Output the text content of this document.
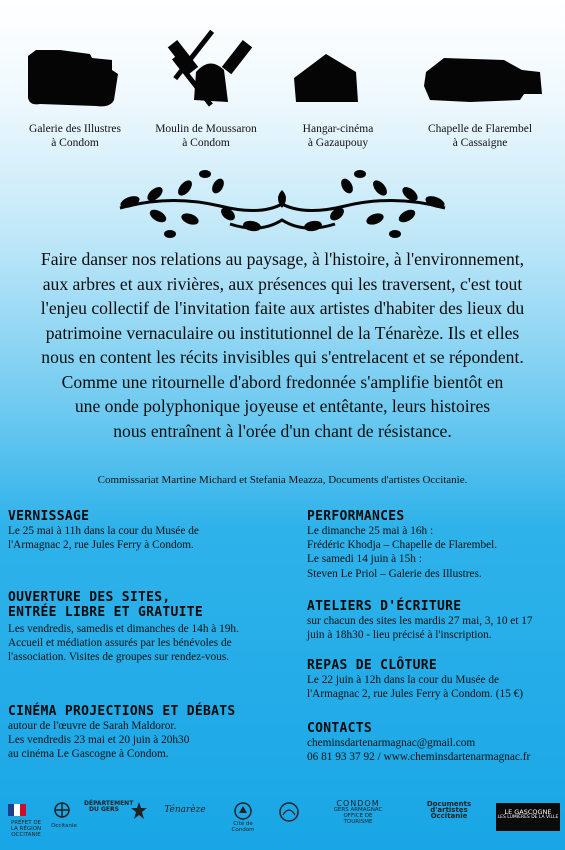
Galerie des Illustres
à Condom
Moulin de Moussaron
à Condom
Hangar-cinéma
à Gazaupouy
Chapelle de Flarembel
à Cassaigne
Faire danser nos relations au paysage, à l'histoire, à l'environnement,
aux arbres et aux rivières, aux présences qui les traversent, c'est tout
l'enjeu collectif de l'invitation faite aux artistes d'habiter des lieux du
patrimoine vernaculaire ou institutionnel de la Ténarèze. Ils et elles
nous en content les récits invisibles qui s'entrelacent et se répondent.
Comme une ritournelle d'abord fredonnée s'amplifie bientôt en
une onde polyphonique joyeuse et entêtante, leurs histoires
nous entraînent à l'orée d'un chant de résistance.
Commissariat Martine Michard et Stefania Meazza, Documents d'artistes Occitanie.
VERNISSAGE
Le 25 mai à 11h dans la cour du Musée de
l'Armagnac 2, rue Jules Ferry à Condom.
OUVERTURE DES SITES,
ENTRÉE LIBRE ET GRATUITE
Les vendredis, samedis et dimanches de 14h à 19h.
Accueil et médiation assurés par les bénévoles de
l'association. Visites de groupes sur rendez-vous.
CINÉMA PROJECTIONS ET DÉBATS
autour de l'œuvre de Sarah Maldoror.
Les vendredis 23 mai et 20 juin à 20h30
au cinéma Le Gascogne à Condom.
PERFORMANCES
Le dimanche 25 mai à 16h :
Frédéric Khodja – Chapelle de Flarembel.
Le samedi 14 juin à 15h :
Steven Le Priol – Galerie des Illustres.
ATELIERS D'ÉCRITURE
sur chacun des sites les mardis 27 mai, 3, 10 et 17
juin à 18h30 - lieu précisé à l'inscription.
REPAS DE CLÔTURE
Le 22 juin à 12h dans la cour du Musée de
l'Armagnac 2, rue Jules Ferry à Condom. (15 €)
CONTACTS
cheminsdartenarmagnac@gmail.com
06 81 93 37 92 / www.cheminsdartenarmagnac.fr
PRÉFET DE LA RÉGION OCCITANIE
Occitanie
DÉPARTEMENT DU GERS	Ténarèze
Cité de Condom
CONDOM
GERS ARMAGNAC
OFFICE DE TOURISME
Documents
d'artistes
Occitanie	LE GASCOGNE
LES LUMIÈRES DE LA VILLE
